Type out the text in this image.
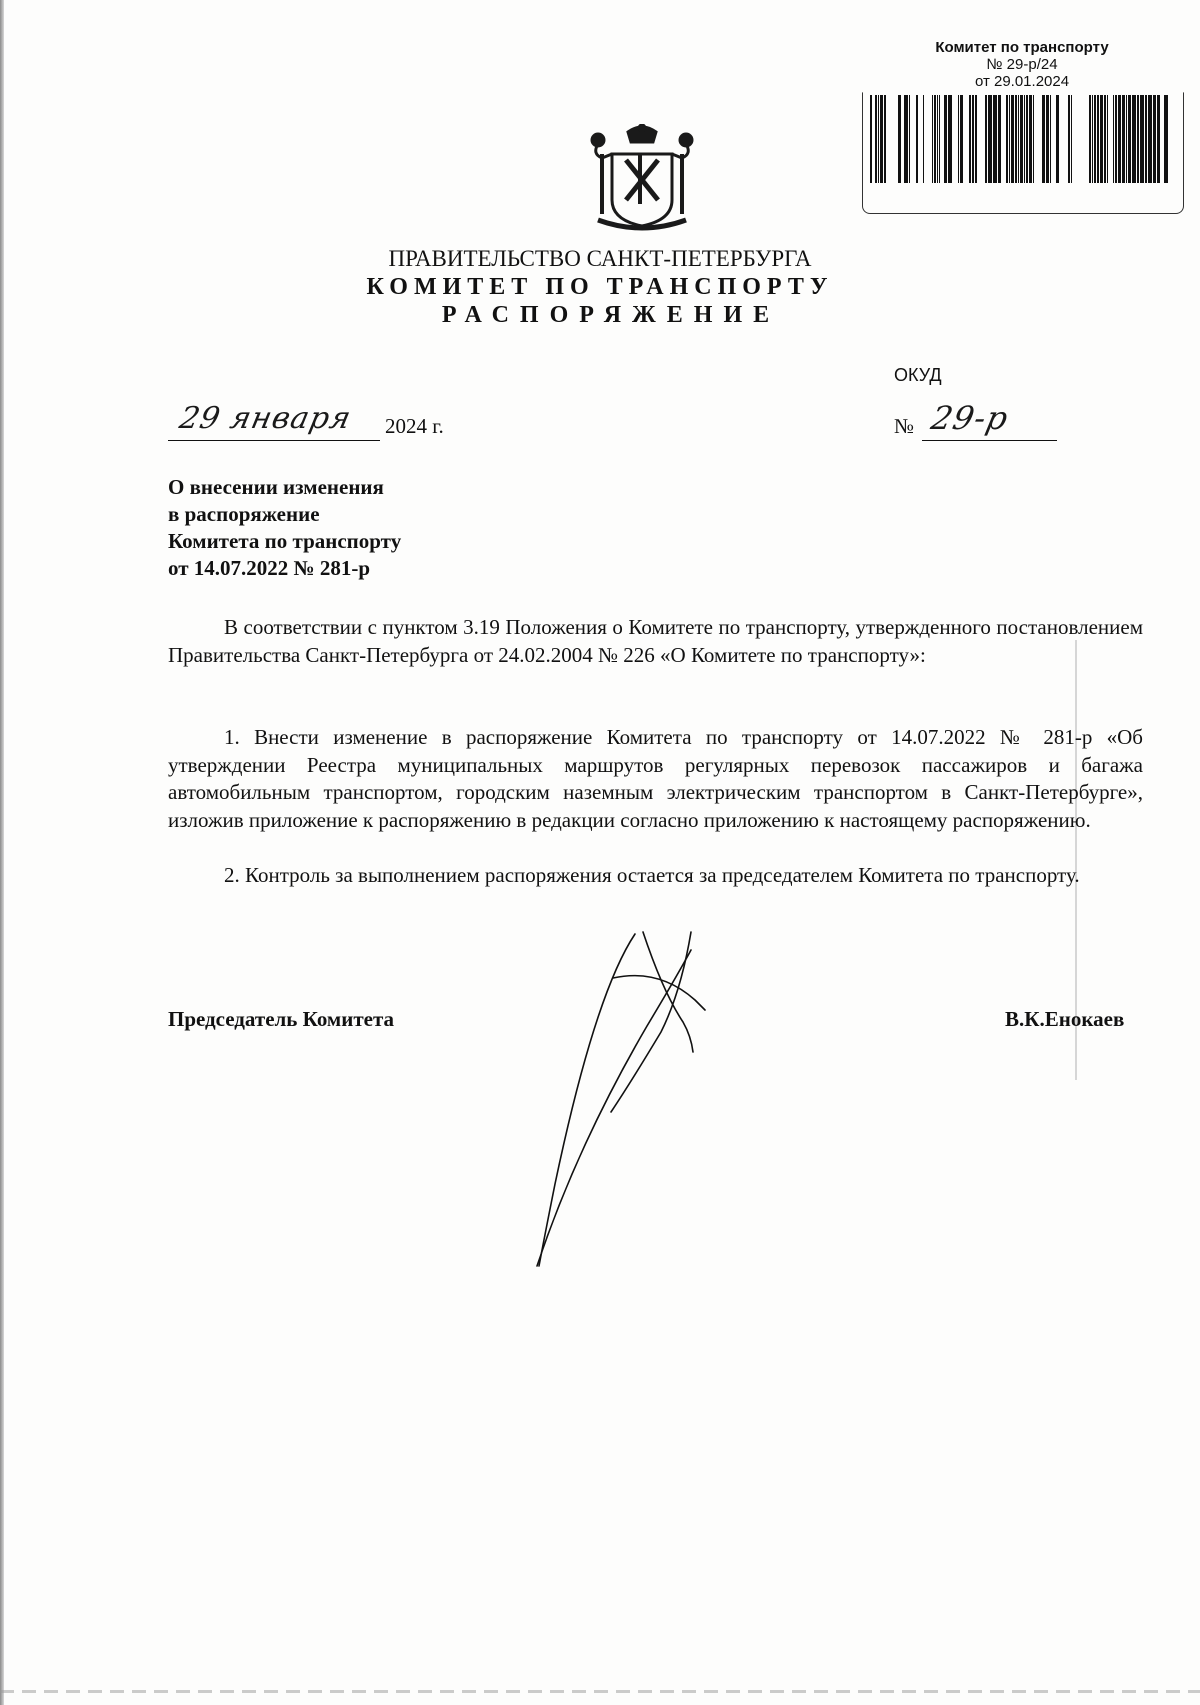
Комитет по транспорту
№ 29-р/24
от 29.01.2024
ПРАВИТЕЛЬСТВО САНКТ-ПЕТЕРБУРГА
КОМИТЕТ ПО ТРАНСПОРТУ
РАСПОРЯЖЕНИЕ
ОКУД
29 января 2024 г.	№ 29-р
О внесении изменения
в распоряжение
Комитета по транспорту
от 14.07.2022 № 281-р
В соответствии с пунктом 3.19 Положения о Комитете по транспорту, утвержденного постановлением Правительства Санкт-Петербурга от 24.02.2004 № 226 «О Комитете по транспорту»:
1. Внести изменение в распоряжение Комитета по транспорту от 14.07.2022 № 281-р «Об утверждении Реестра муниципальных маршрутов регулярных перевозок пассажиров и багажа автомобильным транспортом, городским наземным электрическим транспортом в Санкт-Петербурге», изложив приложение к распоряжению в редакции согласно приложению к настоящему распоряжению.
2. Контроль за выполнением распоряжения остается за председателем Комитета по транспорту.
Председатель Комитета	В.К.Енокаев
